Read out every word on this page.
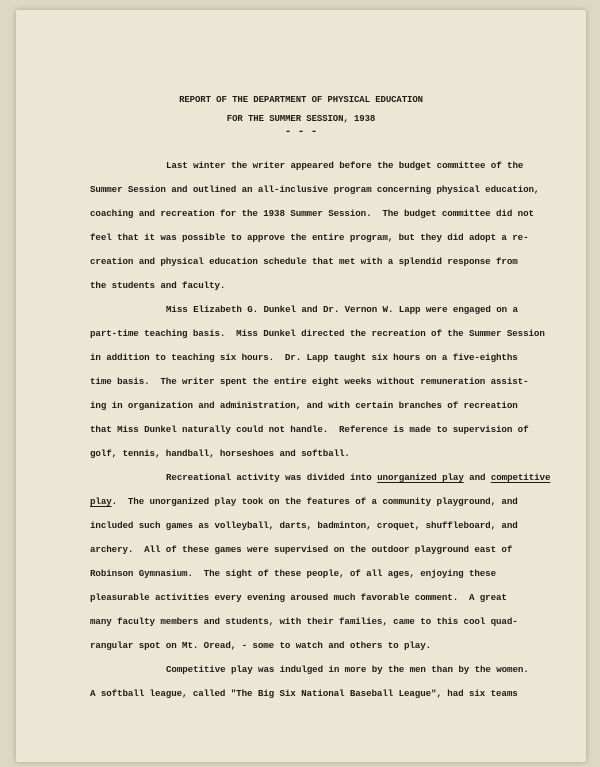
REPORT OF THE DEPARTMENT OF PHYSICAL EDUCATION
FOR THE SUMMER SESSION, 1938
- - -
Last winter the writer appeared before the budget committee of the
Summer Session and outlined an all-inclusive program concerning physical education,
coaching and recreation for the 1938 Summer Session.  The budget committee did not
feel that it was possible to approve the entire program, but they did adopt a re-
creation and physical education schedule that met with a splendid response from
the students and faculty.
Miss Elizabeth G. Dunkel and Dr. Vernon W. Lapp were engaged on a
part-time teaching basis.  Miss Dunkel directed the recreation of the Summer Session
in addition to teaching six hours.  Dr. Lapp taught six hours on a five-eighths
time basis.  The writer spent the entire eight weeks without remuneration assist-
ing in organization and administration, and with certain branches of recreation
that Miss Dunkel naturally could not handle.  Reference is made to supervision of
golf, tennis, handball, horseshoes and softball.
Recreational activity was divided into unorganized play and competitive
play.  The unorganized play took on the features of a community playground, and
included such games as volleyball, darts, badminton, croquet, shuffleboard, and
archery.  All of these games were supervised on the outdoor playground east of
Robinson Gymnasium.  The sight of these people, of all ages, enjoying these
pleasurable activities every evening aroused much favorable comment.  A great
many faculty members and students, with their families, came to this cool quad-
rangular spot on Mt. Oread, - some to watch and others to play.
Competitive play was indulged in more by the men than by the women.
A softball league, called "The Big Six National Baseball League", had six teams
